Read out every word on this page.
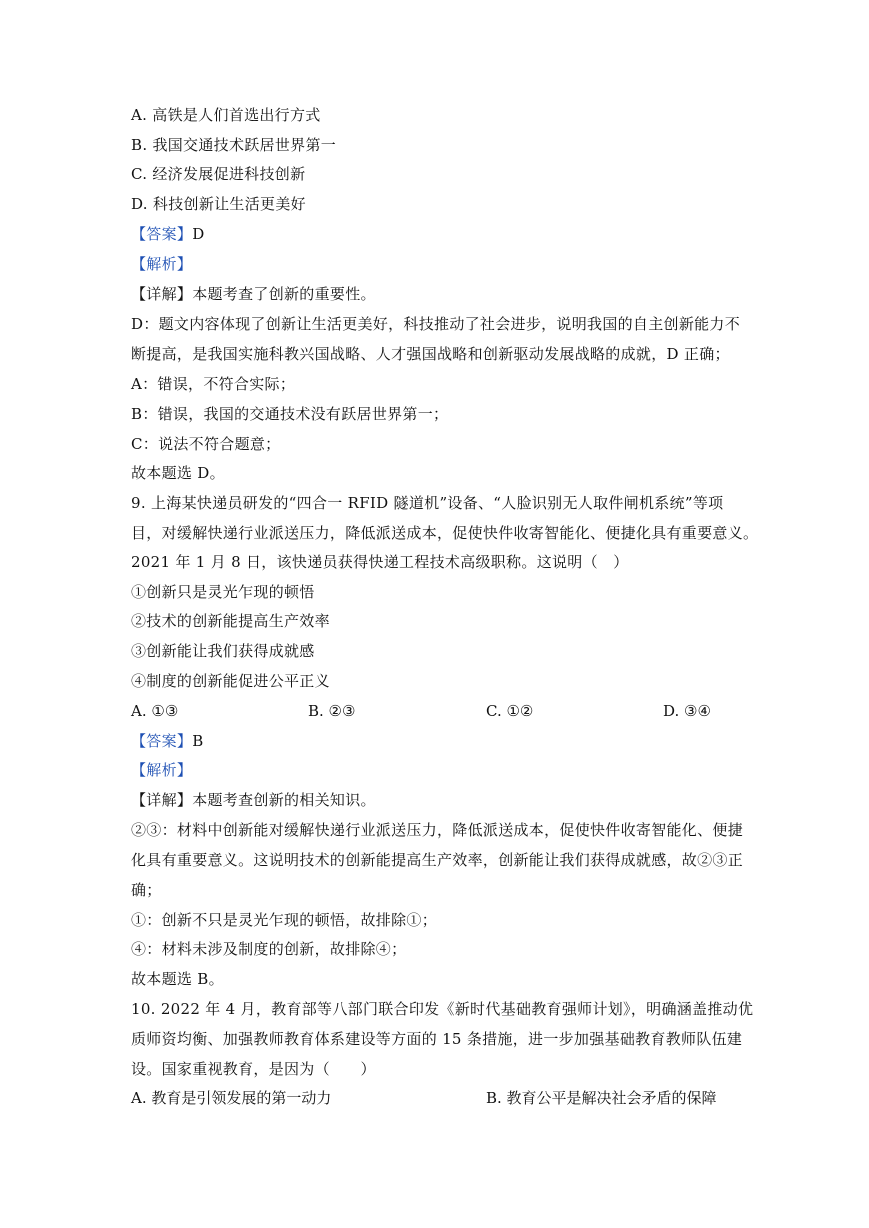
A. 高铁是人们首选出行方式
B. 我国交通技术跃居世界第一
C. 经济发展促进科技创新
D. 科技创新让生活更美好
【答案】D
【解析】
【详解】本题考查了创新的重要性。
D：题文内容体现了创新让生活更美好，科技推动了社会进步，说明我国的自主创新能力不
断提高，是我国实施科教兴国战略、人才强国战略和创新驱动发展战略的成就，D 正确；
A：错误，不符合实际；
B：错误，我国的交通技术没有跃居世界第一；
C：说法不符合题意；
故本题选 D。
9. 上海某快递员研发的“四合一 RFID 隧道机”设备、“人脸识别无人取件闸机系统”等项
目，对缓解快递行业派送压力，降低派送成本，促使快件收寄智能化、便捷化具有重要意义。
2021 年 1 月 8 日，该快递员获得快递工程技术高级职称。这说明（　）
①创新只是灵光乍现的顿悟
②技术的创新能提高生产效率
③创新能让我们获得成就感
④制度的创新能促进公平正义
A. ①③	B. ②③	C. ①②	D. ③④
【答案】B
【解析】
【详解】本题考查创新的相关知识。
②③：材料中创新能对缓解快递行业派送压力，降低派送成本，促使快件收寄智能化、便捷
化具有重要意义。这说明技术的创新能提高生产效率，创新能让我们获得成就感，故②③正
确；
①：创新不只是灵光乍现的顿悟，故排除①；
④：材料未涉及制度的创新，故排除④；
故本题选 B。
10. 2022 年 4 月，教育部等八部门联合印发《新时代基础教育强师计划》，明确涵盖推动优
质师资均衡、加强教师教育体系建设等方面的 15 条措施，进一步加强基础教育教师队伍建
设。国家重视教育，是因为（　　）
A. 教育是引领发展的第一动力	B. 教育公平是解决社会矛盾的保障
